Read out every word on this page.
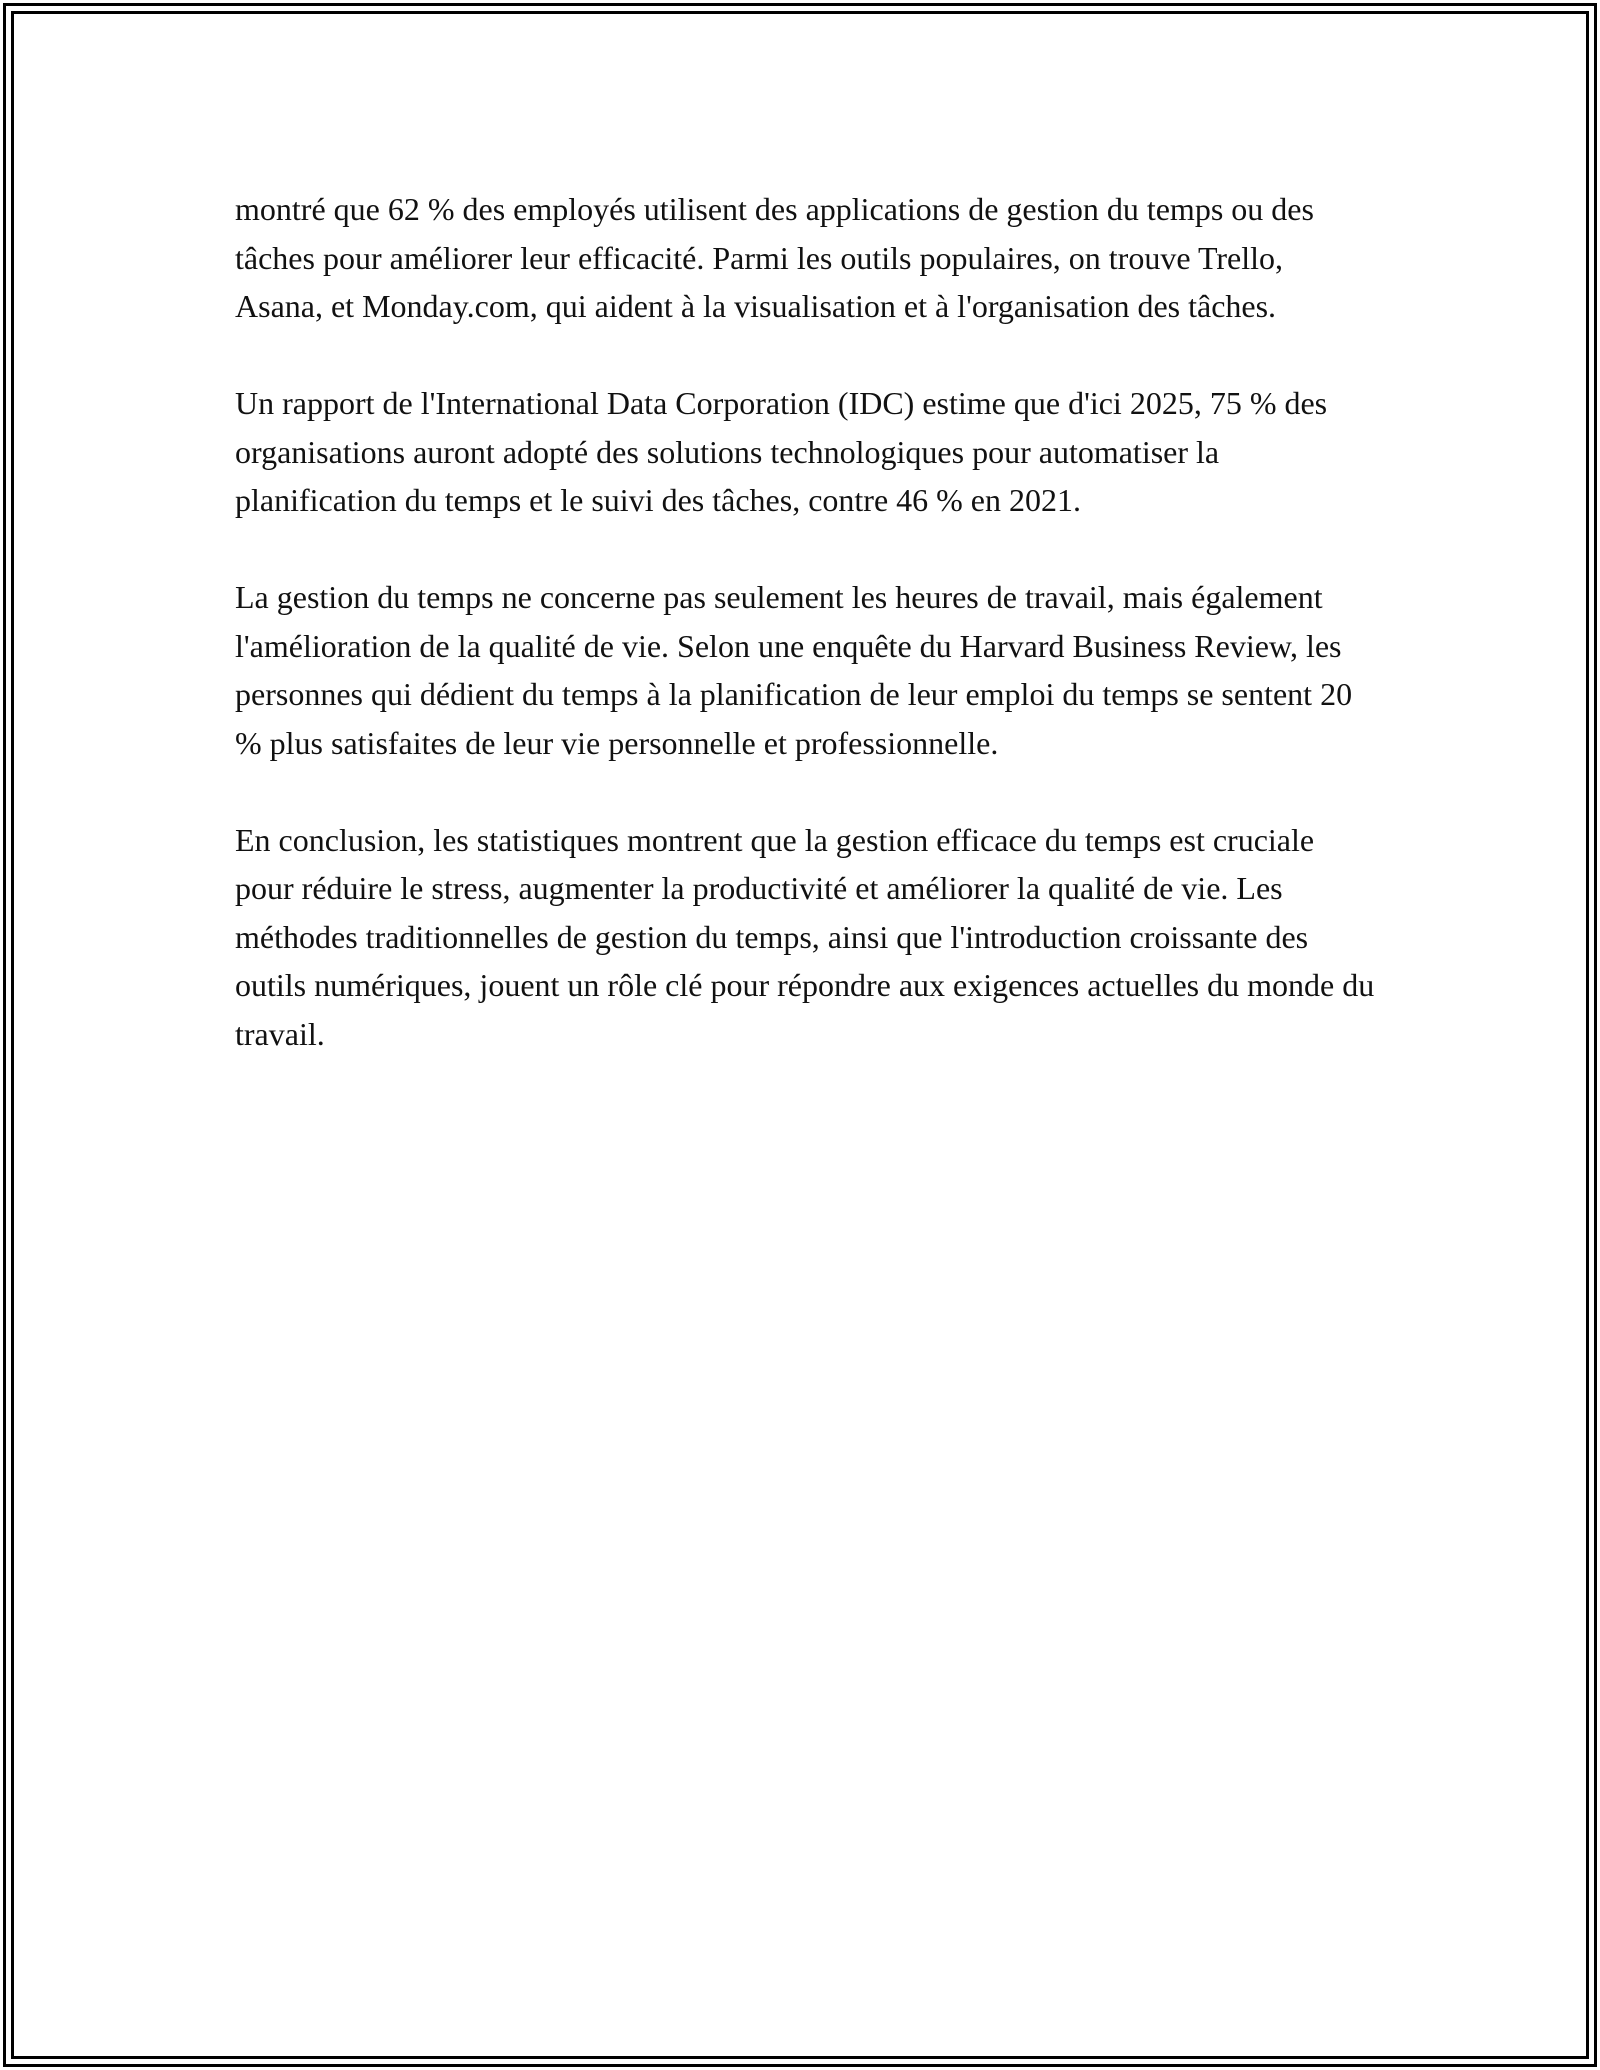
montré que 62 % des employés utilisent des applications de gestion du temps ou des tâches pour améliorer leur efficacité. Parmi les outils populaires, on trouve Trello, Asana, et Monday.com, qui aident à la visualisation et à l'organisation des tâches.

Un rapport de l'International Data Corporation (IDC) estime que d'ici 2025, 75 % des organisations auront adopté des solutions technologiques pour automatiser la planification du temps et le suivi des tâches, contre 46 % en 2021.

La gestion du temps ne concerne pas seulement les heures de travail, mais également l'amélioration de la qualité de vie. Selon une enquête du Harvard Business Review, les personnes qui dédient du temps à la planification de leur emploi du temps se sentent 20 % plus satisfaites de leur vie personnelle et professionnelle.

En conclusion, les statistiques montrent que la gestion efficace du temps est cruciale pour réduire le stress, augmenter la productivité et améliorer la qualité de vie. Les méthodes traditionnelles de gestion du temps, ainsi que l'introduction croissante des outils numériques, jouent un rôle clé pour répondre aux exigences actuelles du monde du travail.
